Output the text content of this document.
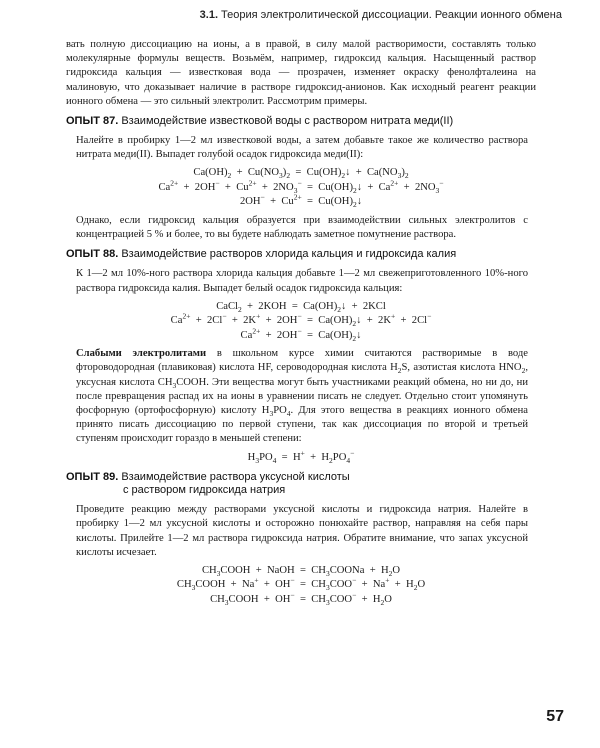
3.1. Теория электролитической диссоциации. Реакции ионного обмена

вать полную диссоциацию на ионы, а в правой, в силу малой растворимости, составлять только молекулярные формулы веществ. Возьмём, например, гидроксид кальция. Насыщенный раствор гидроксида кальция — известковая вода — прозрачен, изменяет окраску фенолфталеина на малиновую, что доказывает наличие в растворе гидроксид-анионов. Как исходный реагент реакции ионного обмена — это сильный электролит. Рассмотрим примеры.

ОПЫТ 87. Взаимодействие известковой воды с раствором нитрата меди(II)

Налейте в пробирку 1—2 мл известковой воды, а затем добавьте такое же количество раствора нитрата меди(II). Выпадет голубой осадок гидроксида меди(II):

$Ca(OH)_2 + Cu(NO_3)_2$  =  $Cu(OH)_2↓ + Ca(NO_3)_2$

$Ca^{2+} + 2OH^- + Cu^{2+} + 2NO_3^-$  =  $Cu(OH)_2↓ + Ca^{2+} + 2NO_3^-$

$2OH^- + Cu^{2+}$  =  $Cu(OH)_2↓$

Однако, если гидроксид кальция образуется при взаимодействии сильных электролитов с концентрацией 5 % и более, то вы будете наблюдать заметное помутнение раствора.

ОПЫТ 88. Взаимодействие растворов хлорида кальция и гидроксида калия

К 1—2 мл 10%-ного раствора хлорида кальция добавьте 1—2 мл свежеприготовленного 10%-ного раствора гидроксида калия. Выпадет белый осадок гидроксида кальция:

CaCl$_2$  +  $2KOH = Ca(OH)_2↓ + 2KCl$

$Ca^{2+} + 2Cl^- + 2K^+ + 2OH^-$  =  $Ca(OH)_2↓ + 2K^+ + 2Cl^-$

$Ca^{2+} + 2OH^-$  =  $Ca(OH)_2↓$

Слабыми электролитами в школьном курсе химии считаются растворимые в воде фтороводородная (плавиковая) кислота HF, сероводородная кислота $H_2S$, азотистая кислота $HNO_2$, уксусная кислота $CH_3COOH$. Эти вещества могут быть участниками реакций обмена, но ни до, ни после превращения распад их на ионы в уравнении писать не следует. Отдельно стоит упомянуть фосфорную (ортофосфорную) кислоту $H_3PO_4$. Для этого вещества в реакциях ионного обмена принято писать диссоциацию по первой ступени, так как диссоциация по второй и третьей ступеням происходит гораздо в меньшей степени:

$H_3PO_4 = H^+ + H_2PO_4^-$

ОПЫТ 89. Взаимодействие раствора уксусной кислоты
с раствором гидроксида натрия

Проведите реакцию между растворами уксусной кислоты и гидроксида натрия. Налейте в пробирку 1—2 мл уксусной кислоты и осторожно понюхайте раствор, направляя на себя пары кислоты. Прилейте 1—2 мл раствора гидроксида натрия. Обратите внимание, что запах уксусной кислоты исчезает.

$CH_3COOH$  +  NaOH  =  $CH_3COONa + H_2O$

$CH_3COOH + Na^+ + OH^- = CH_3COO^- + Na^+ + H_2O$

$CH_3COOH + OH^- = CH_3COO^- + H_2O$

57
